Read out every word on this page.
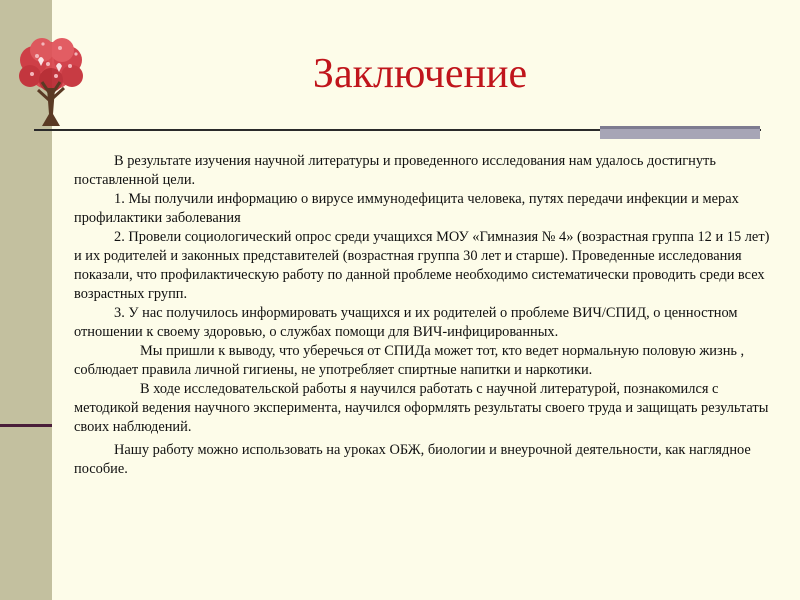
Заключение

В результате изучения научной литературы и проведенного исследования нам удалось достигнуть поставленной цели.

1. Мы получили информацию о вирусе иммунодефицита человека, путях передачи инфекции и мерах профилактики заболевания

2. Провели социологический опрос среди учащихся МОУ «Гимназия № 4» (возрастная группа 12 и 15 лет) и их родителей и законных представителей (возрастная группа 30 лет и старше). Проведенные исследования показали, что профилактическую работу по данной проблеме необходимо систематически проводить среди всех возрастных групп.

3. У нас получилось информировать учащихся и их родителей о проблеме ВИЧ/СПИД, о ценностном отношении к своему здоровью, о службах помощи для ВИЧ-инфицированных.

Мы пришли к выводу, что уберечься от СПИДа может тот, кто ведет нормальную половую жизнь , соблюдает правила личной гигиены, не употребляет спиртные напитки и наркотики.

В ходе исследовательской работы я научился работать с научной литературой, познакомился с методикой ведения научного эксперимента, научился оформлять результаты своего труда и защищать результаты своих наблюдений.

Нашу работу можно использовать на уроках ОБЖ, биологии и внеурочной деятельности, как наглядное пособие.
